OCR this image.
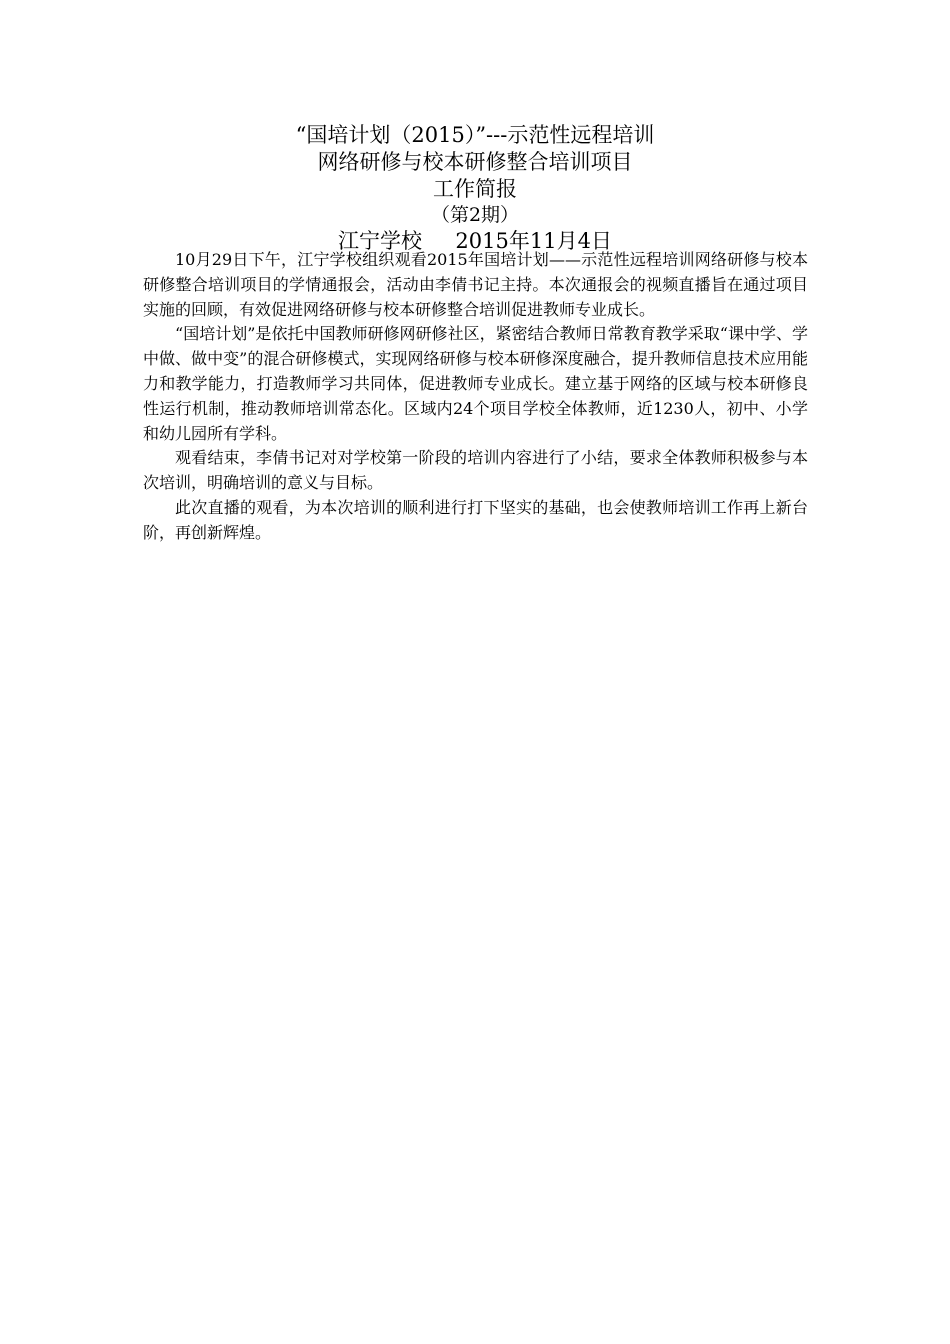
“国培计划（2015）”---示范性远程培训
网络研修与校本研修整合培训项目
工作简报
（第2期）
江宁学校     2015年11月4日

10月29日下午，江宁学校组织观看2015年国培计划——示范性远程培训网络研修与校本研修整合培训项目的学情通报会，活动由李倩书记主持。本次通报会的视频直播旨在通过项目实施的回顾，有效促进网络研修与校本研修整合培训促进教师专业成长。

“国培计划”是依托中国教师研修网研修社区，紧密结合教师日常教育教学采取“课中学、学中做、做中变”的混合研修模式，实现网络研修与校本研修深度融合，提升教师信息技术应用能力和教学能力，打造教师学习共同体，促进教师专业成长。建立基于网络的区域与校本研修良性运行机制，推动教师培训常态化。区域内24个项目学校全体教师，近1230人，初中、小学和幼儿园所有学科。

观看结束，李倩书记对对学校第一阶段的培训内容进行了小结，要求全体教师积极参与本次培训，明确培训的意义与目标。

此次直播的观看，为本次培训的顺利进行打下坚实的基础，也会使教师培训工作再上新台阶，再创新辉煌。
